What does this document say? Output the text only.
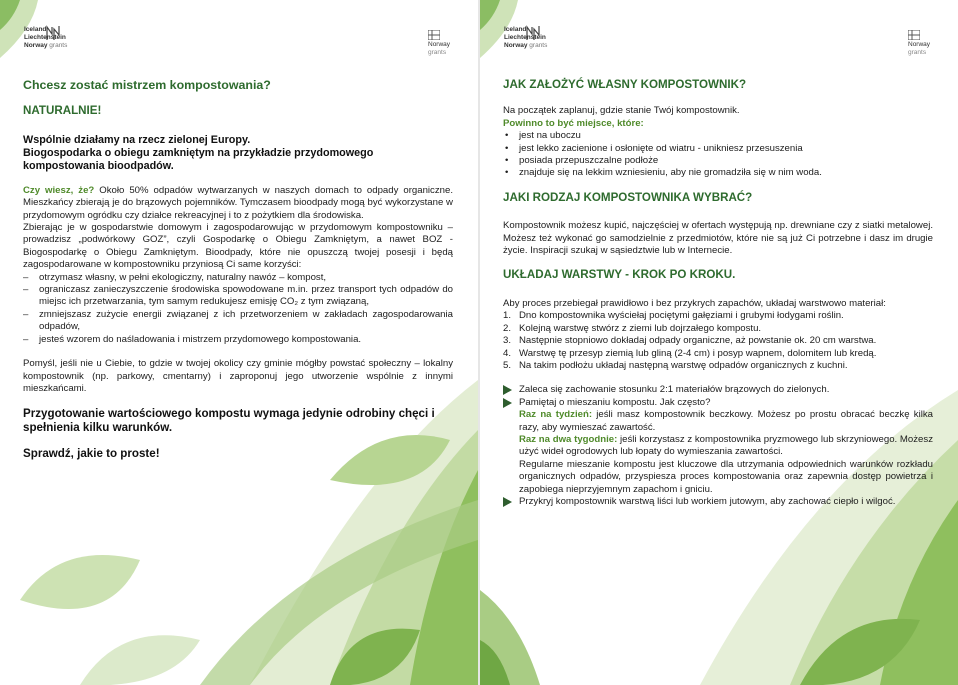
Iceland
Liechtenstein
Norway grants	Norway
grants
Chcesz zostać mistrzem kompostowania?
NATURALNIE!
Wspólnie działamy na rzecz zielonej Europy.
Biogospodarka o obiegu zamkniętym na przykładzie przydomowego kompostowania bioodpadów.

Czy wiesz, że? Około 50% odpadów wytwarzanych w naszych domach to odpady organiczne. Mieszkańcy zbierają je do brązowych pojemników. Tymczasem bioodpady mogą być wykorzystane w przydomowym ogródku czy działce rekreacyjnej i to z pożytkiem dla środowiska.

Zbierając je w gospodarstwie domowym i zagospodarowując w przydomowym kompostowniku – prowadzisz „podwórkowy GOZ”, czyli Gospodarkę o Obiegu Zamkniętym, a nawet BOZ - Biogospodarkę o Obiegu Zamkniętym. Bioodpady, które nie opuszczą twojej posesji i będą zagospodarowane w kompostowniku przyniosą Ci same korzyści:

– otrzymasz własny, w pełni ekologiczny, naturalny nawóz – kompost,
– ograniczasz zanieczyszczenie środowiska spowodowane m.in. przez transport tych odpadów do miejsc ich przetwarzania, tym samym redukujesz emisję CO₂ z tym związaną,
– zmniejszasz zużycie energii związanej z ich przetworzeniem w zakładach zagospodarowania odpadów,
– jesteś wzorem do naśladowania i mistrzem przydomowego kompostowania.

Pomyśl, jeśli nie u Ciebie, to gdzie w twojej okolicy czy gminie mógłby powstać społeczny – lokalny kompostownik (np. parkowy, cmentarny) i zaproponuj jego utworzenie wspólnie z innymi mieszkańcami.

Przygotowanie wartościowego kompostu wymaga jedynie odrobiny chęci i spełnienia kilku warunków.
Sprawdź, jakie to proste!
Iceland
Liechtenstein
Norway grants	Norway
grants
JAK ZAŁOŻYĆ WŁASNY KOMPOSTOWNIK?

Na początek zaplanuj, gdzie stanie Twój kompostownik.

Powinno to być miejsce, które:
• jest na uboczu
• jest lekko zacienione i osłonięte od wiatru - unikniesz przesuszenia
• posiada przepuszczalne podłoże
• znajduje się na lekkim wzniesieniu, aby nie gromadziła się w nim woda.
JAKI RODZAJ KOMPOSTOWNIKA WYBRAĆ?

Kompostownik możesz kupić, najczęściej w ofertach występują np. drewniane czy z siatki metalowej. Możesz też wykonać go samodzielnie z przedmiotów, które nie są już Ci potrzebne i dasz im drugie życie. Inspiracji szukaj w sąsiedztwie lub w Internecie.

UKŁADAJ WARSTWY - KROK PO KROKU.

Aby proces przebiegał prawidłowo i bez przykrych zapachów, układaj warstwowo materiał:

1. Dno kompostownika wyściełaj pociętymi gałęziami i grubymi łodygami roślin.
2. Kolejną warstwę stwórz z ziemi lub dojrzałego kompostu.
3. Następnie stopniowo dokładaj odpady organiczne, aż powstanie ok. 20 cm warstwa.
4. Warstwę tę przesyp ziemią lub gliną (2-4 cm) i posyp wapnem, dolomitem lub kredą.
5. Na takim podłożu układaj następną warstwę odpadów organicznych z kuchni.
Zaleca się zachowanie stosunku 2:1 materiałów brązowych do zielonych.
Pamiętaj o mieszaniu kompostu. Jak często?

Raz na tydzień: jeśli masz kompostownik beczkowy. Możesz po prostu obracać beczkę kilka razy, aby wymieszać zawartość.

Raz na dwa tygodnie: jeśli korzystasz z kompostownika pryzmowego lub skrzyniowego. Możesz użyć wideł ogrodowych lub łopaty do wymieszania zawartości.

Regularne mieszanie kompostu jest kluczowe dla utrzymania odpowiednich warunków rozkładu organicznych odpadów, przyspiesza proces kompostowania oraz zapewnia dostęp powietrza i zapobiega nieprzyjemnym zapachom i gniciu.

Przykryj kompostownik warstwą liści lub workiem jutowym, aby zachować ciepło i wilgoć.
